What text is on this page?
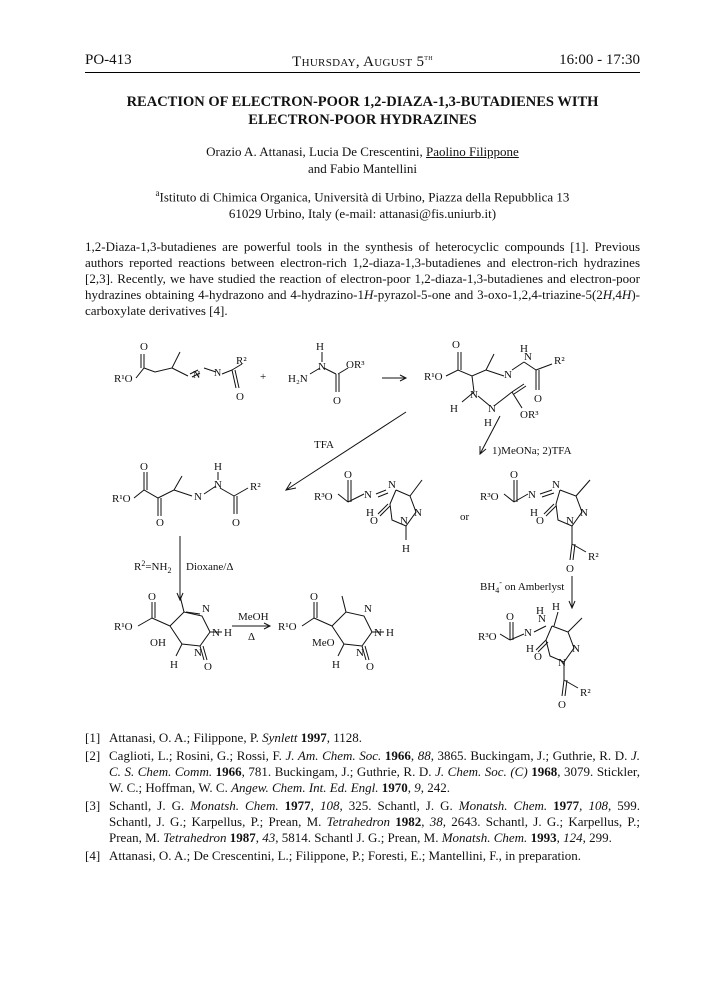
PO-413	Thursday, August 5th	16:00 - 17:30
REACTION OF ELECTRON-POOR 1,2-DIAZA-1,3-BUTADIENES WITH
ELECTRON-POOR HYDRAZINES
Orazio A. Attanasi, Lucia De Crescentini, Paolino Filippone
and Fabio Mantellini
$^a$Istituto di Chimica Organica, Università di Urbino, Piazza della Repubblica 13
61029 Urbino, Italy (e-mail: attanasi@fis.uniurb.it)
1,2-Diaza-1,3-butadienes are powerful tools in the synthesis of heterocyclic compounds [1]. Previous authors reported reactions between electron-rich 1,2-diaza-1,3-butadienes and electron-rich hydrazines [2,3]. Recently, we have studied the reaction of electron-poor 1,2-diaza-1,3-butadienes and electron-poor hydrazines obtaining 4-hydrazono and 4-hydrazino-1H-pyrazol-5-one and 3-oxo-1,2,4-triazine-5(2H,4H)-carboxylate derivatives [4].
R¹O	N N
R²
O
O	H
H₂N
N OR³
O
R¹O
O
N
N
H
R²
O
H
N
N
H
OR³
R¹O
O
O
N
H
N	R²
O
R³O
O
N
H
N
O
N
N
H
R³O
O
N
H
N
O
N
N
O
R²
R¹O
O
OH
N
N H
N
H O
R¹O
O
MeO
N
N H
N
H O
R³O
O
N
H
N
H H
O
N
N
O
R²
+
or
TFA	1)MeONa; 2)TFA
$R^2=NH_2$ Dioxane/Δ
MeOH
Δ
$BH_4^-$ on Amberlyst
[1] Attanasi, O. A.; Filippone, P. Synlett 1997, 1128.
[2] Caglioti, L.; Rosini, G.; Rossi, F. J. Am. Chem. Soc. 1966, 88, 3865. Buckingam, J.; Guthrie, R. D. J. C. S. Chem. Comm. 1966, 781. Buckingam, J.; Guthrie, R. D. J. Chem. Soc. (C) 1968, 3079. Stickler, W. C.; Hoffman, W. C. Angew. Chem. Int. Ed. Engl. 1970, 9, 242.
[3] Schantl, J. G. Monatsh. Chem. 1977, 108, 325. Schantl, J. G. Monatsh. Chem. 1977, 108, 599. Schantl, J. G.; Karpellus, P.; Prean, M. Tetrahedron 1982, 38, 2643. Schantl, J. G.; Karpellus, P.; Prean, M. Tetrahedron 1987, 43, 5814. Schantl J. G.; Prean, M. Monatsh. Chem. 1993, 124, 299.
[4] Attanasi, O. A.; De Crescentini, L.; Filippone, P.; Foresti, E.; Mantellini, F., in preparation.
